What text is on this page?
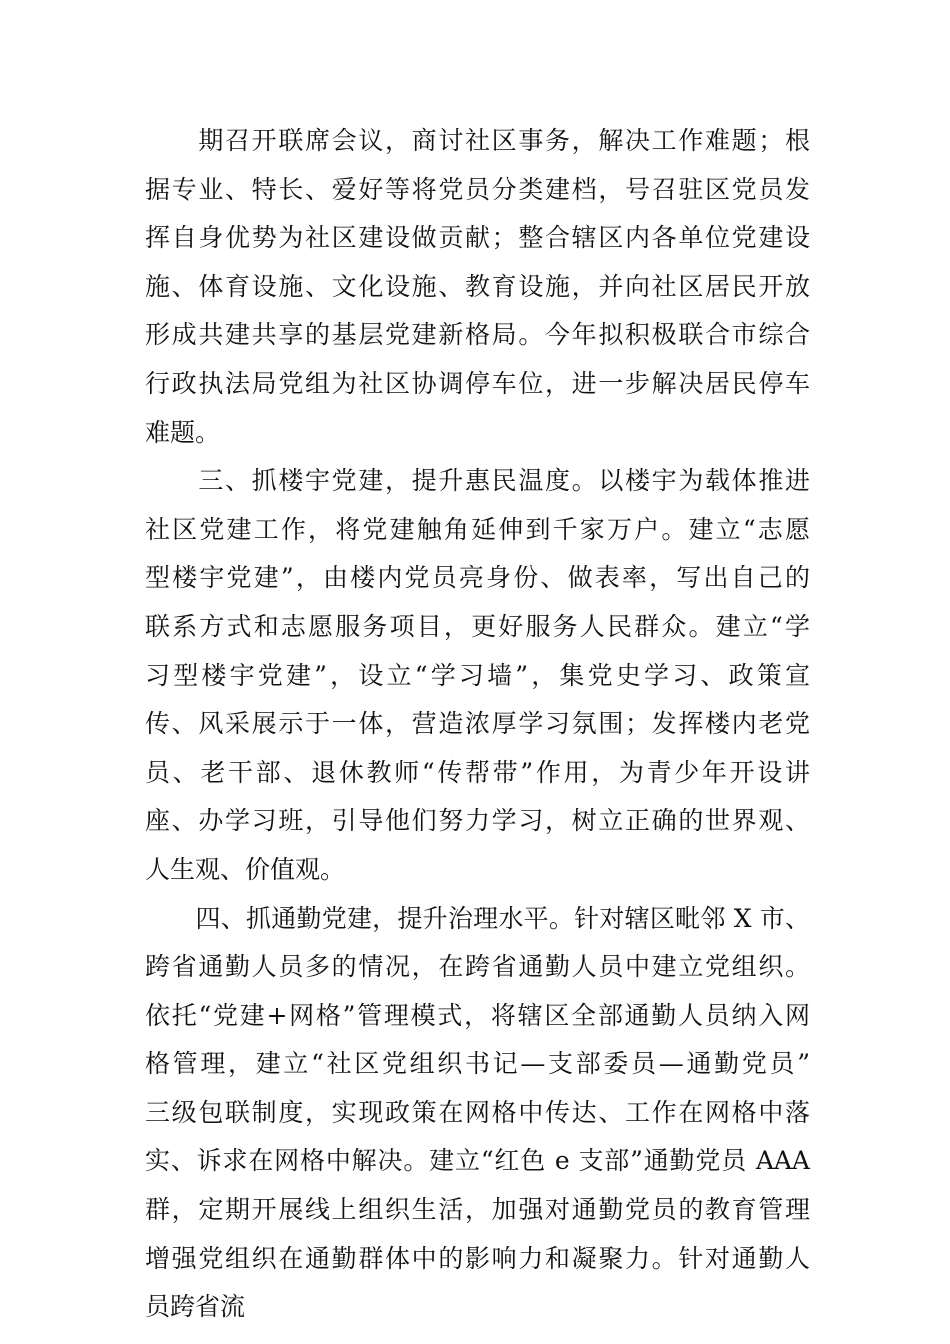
　　期召开联席会议，商讨社区事务，解决工作难题；根
据专业、特长、爱好等将党员分类建档，号召驻区党员发
挥自身优势为社区建设做贡献；整合辖区内各单位党建设
施、体育设施、文化设施、教育设施，并向社区居民开放
形成共建共享的基层党建新格局。今年拟积极联合市综合
行政执法局党组为社区协调停车位，进一步解决居民停车
难题。
　　三、抓楼宇党建，提升惠民温度。以楼宇为载体推进
社区党建工作，将党建触角延伸到千家万户。建立“志愿
型楼宇党建”，由楼内党员亮身份、做表率，写出自己的
联系方式和志愿服务项目，更好服务人民群众。建立“学
习型楼宇党建”，设立“学习墙”，集党史学习、政策宣
传、风采展示于一体，营造浓厚学习氛围；发挥楼内老党
员、老干部、退休教师“传帮带”作用，为青少年开设讲
座、办学习班，引导他们努力学习，树立正确的世界观、
人生观、价值观。
　　四、抓通勤党建，提升治理水平。针对辖区毗邻 X 市、
跨省通勤人员多的情况，在跨省通勤人员中建立党组织。
依托“党建+网格”管理模式，将辖区全部通勤人员纳入网
格管理，建立“社区党组织书记—支部委员—通勤党员”
三级包联制度，实现政策在网格中传达、工作在网格中落
实、诉求在网格中解决。建立“红色 e 支部”通勤党员 AAA
群，定期开展线上组织生活，加强对通勤党员的教育管理
增强党组织在通勤群体中的影响力和凝聚力。针对通勤人
员跨省流
